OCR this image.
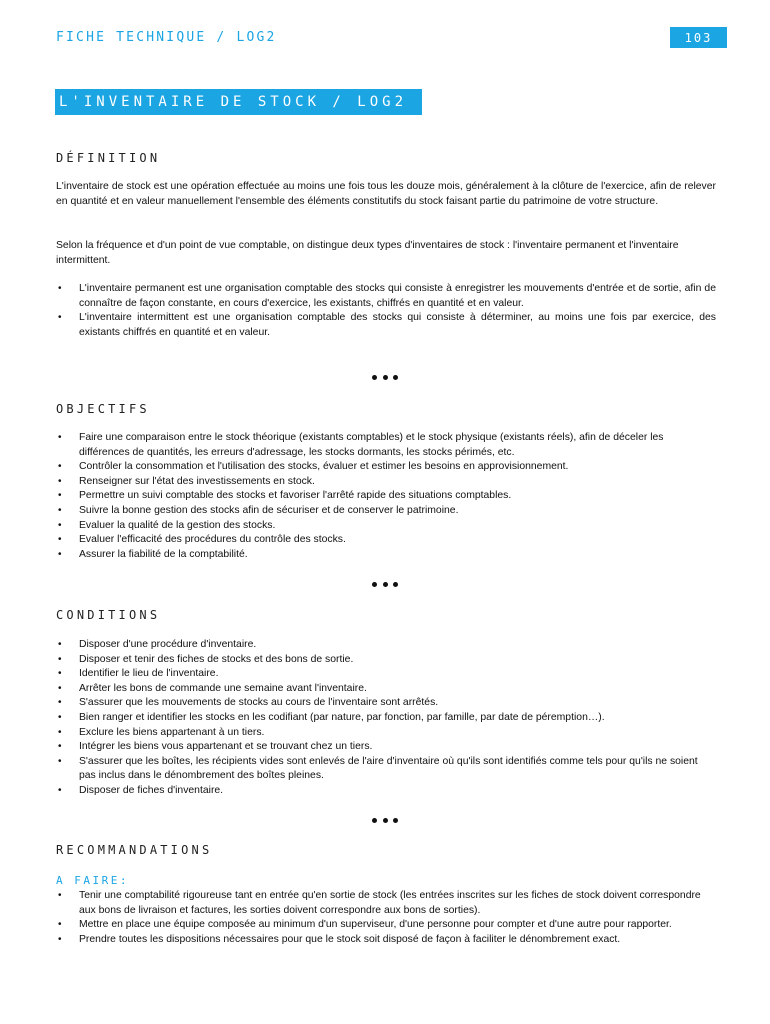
FICHE TECHNIQUE / LOG2	103
L'INVENTAIRE DE STOCK / LOG2
DÉFINITION

L'inventaire de stock est une opération effectuée au moins une fois tous les douze mois, généralement à la clôture de l'exercice, afin de relever en quantité et en valeur manuellement l'ensemble des éléments constitutifs du stock faisant partie du patrimoine de votre structure.

Selon la fréquence et d'un point de vue comptable, on distingue deux types d'inventaires de stock : l'inventaire permanent et l'inventaire intermittent.

• L'inventaire permanent est une organisation comptable des stocks qui consiste à enregistrer les mouvements d'entrée et de sortie, afin de connaître de façon constante, en cours d'exercice, les existants, chiffrés en quantité et en valeur.
• L'inventaire intermittent est une organisation comptable des stocks qui consiste à déterminer, au moins une fois par exercice, des existants chiffrés en quantité et en valeur.
OBJECTIFS
• Faire une comparaison entre le stock théorique (existants comptables) et le stock physique (existants réels), afin de déceler les différences de quantités, les erreurs d'adressage, les stocks dormants, les stocks périmés, etc.
• Contrôler la consommation et l'utilisation des stocks, évaluer et estimer les besoins en approvisionnement.
• Renseigner sur l'état des investissements en stock.
• Permettre un suivi comptable des stocks et favoriser l'arrêté rapide des situations comptables.
• Suivre la bonne gestion des stocks afin de sécuriser et de conserver le patrimoine.
• Evaluer la qualité de la gestion des stocks.
• Evaluer l'efficacité des procédures du contrôle des stocks.
• Assurer la fiabilité de la comptabilité.
CONDITIONS
• Disposer d'une procédure d'inventaire.
• Disposer et tenir des fiches de stocks et des bons de sortie.
• Identifier le lieu de l'inventaire.
• Arrêter les bons de commande une semaine avant l'inventaire.
• S'assurer que les mouvements de stocks au cours de l'inventaire sont arrêtés.
• Bien ranger et identifier les stocks en les codifiant (par nature, par fonction, par famille, par date de péremption…).
• Exclure les biens appartenant à un tiers.
• Intégrer les biens vous appartenant et se trouvant chez un tiers.
• S'assurer que les boîtes, les récipients vides sont enlevés de l'aire d'inventaire où qu'ils sont identifiés comme tels pour qu'ils ne soient pas inclus dans le dénombrement des boîtes pleines.
• Disposer de fiches d'inventaire.
RECOMMANDATIONS
A FAIRE:
• Tenir une comptabilité rigoureuse tant en entrée qu'en sortie de stock (les entrées inscrites sur les fiches de stock doivent correspondre aux bons de livraison et factures, les sorties doivent correspondre aux bons de sorties).
• Mettre en place une équipe composée au minimum d'un superviseur, d'une personne pour compter et d'une autre pour rapporter.
• Prendre toutes les dispositions nécessaires pour que le stock soit disposé de façon à faciliter le dénombrement exact.
